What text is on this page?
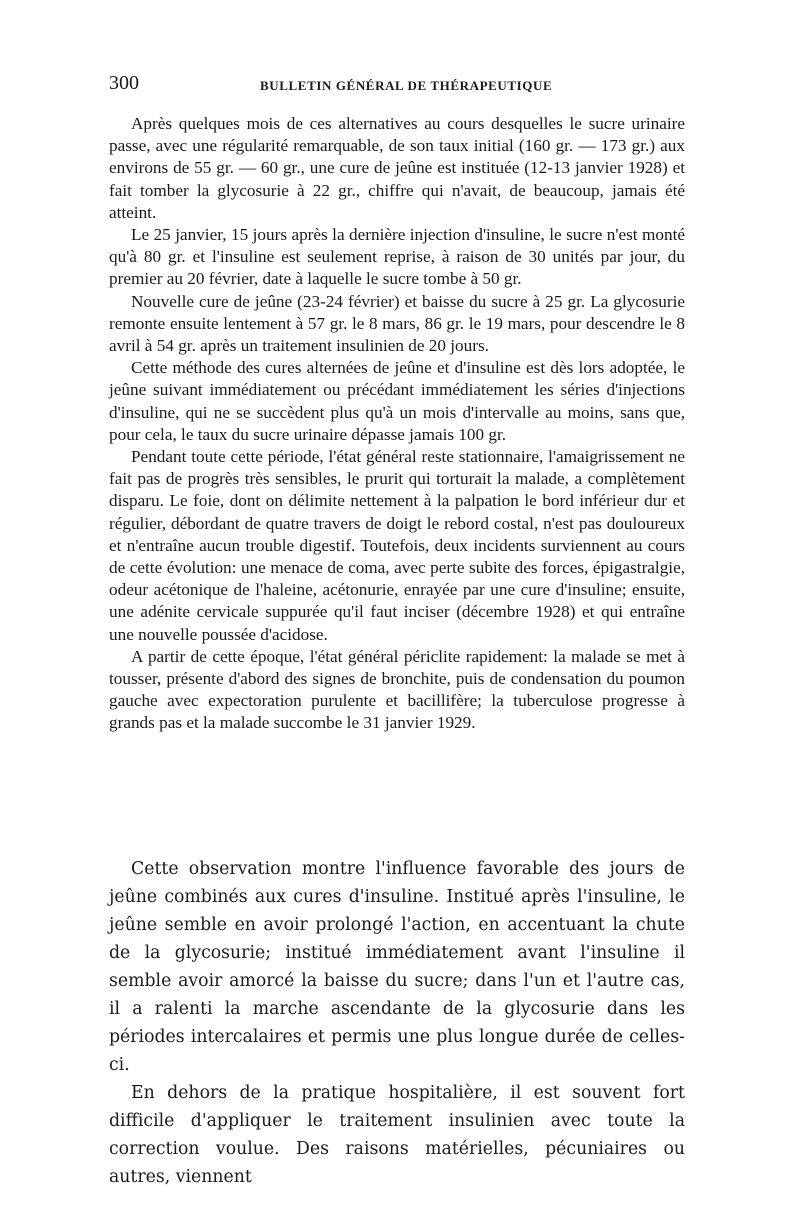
300	BULLETIN GÉNÉRAL DE THÉRAPEUTIQUE

Après quelques mois de ces alternatives au cours desquelles le sucre urinaire passe, avec une régularité remarquable, de son taux initial (160 gr. — 173 gr.) aux environs de 55 gr. — 60 gr., une cure de jeûne est instituée (12-13 janvier 1928) et fait tomber la glycosurie à 22 gr., chiffre qui n'avait, de beaucoup, jamais été atteint.

Le 25 janvier, 15 jours après la dernière injection d'insuline, le sucre n'est monté qu'à 80 gr. et l'insuline est seulement reprise, à raison de 30 unités par jour, du premier au 20 février, date à laquelle le sucre tombe à 50 gr.

Nouvelle cure de jeûne (23-24 février) et baisse du sucre à 25 gr. La glycosurie remonte ensuite lentement à 57 gr. le 8 mars, 86 gr. le 19 mars, pour descendre le 8 avril à 54 gr. après un traitement insulinien de 20 jours.

Cette méthode des cures alternées de jeûne et d'insuline est dès lors adoptée, le jeûne suivant immédiatement ou précédant immédiatement les séries d'injections d'insuline, qui ne se succèdent plus qu'à un mois d'intervalle au moins, sans que, pour cela, le taux du sucre urinaire dépasse jamais 100 gr.

Pendant toute cette période, l'état général reste stationnaire, l'amaigrissement ne fait pas de progrès très sensibles, le prurit qui torturait la malade, a complètement disparu. Le foie, dont on délimite nettement à la palpation le bord inférieur dur et régulier, débordant de quatre travers de doigt le rebord costal, n'est pas douloureux et n'entraîne aucun trouble digestif. Toutefois, deux incidents surviennent au cours de cette évolution: une menace de coma, avec perte subite des forces, épigastralgie, odeur acétonique de l'haleine, acétonurie, enrayée par une cure d'insuline; ensuite, une adénite cervicale suppurée qu'il faut inciser (décembre 1928) et qui entraîne une nouvelle poussée d'acidose.

A partir de cette époque, l'état général périclite rapidement: la malade se met à tousser, présente d'abord des signes de bronchite, puis de condensation du poumon gauche avec expectoration purulente et bacillifère; la tuberculose progresse à grands pas et la malade succombe le 31 janvier 1929.

Cette observation montre l'influence favorable des jours de jeûne combinés aux cures d'insuline. Institué après l'insuline, le jeûne semble en avoir prolongé l'action, en accentuant la chute de la glycosurie; institué immédiatement avant l'insuline il semble avoir amorcé la baisse du sucre; dans l'un et l'autre cas, il a ralenti la marche ascendante de la glycosurie dans les périodes intercalaires et permis une plus longue durée de celles-ci.

En dehors de la pratique hospitalière, il est souvent fort difficile d'appliquer le traitement insulinien avec toute la correction voulue. Des raisons matérielles, pécuniaires ou autres, viennent
